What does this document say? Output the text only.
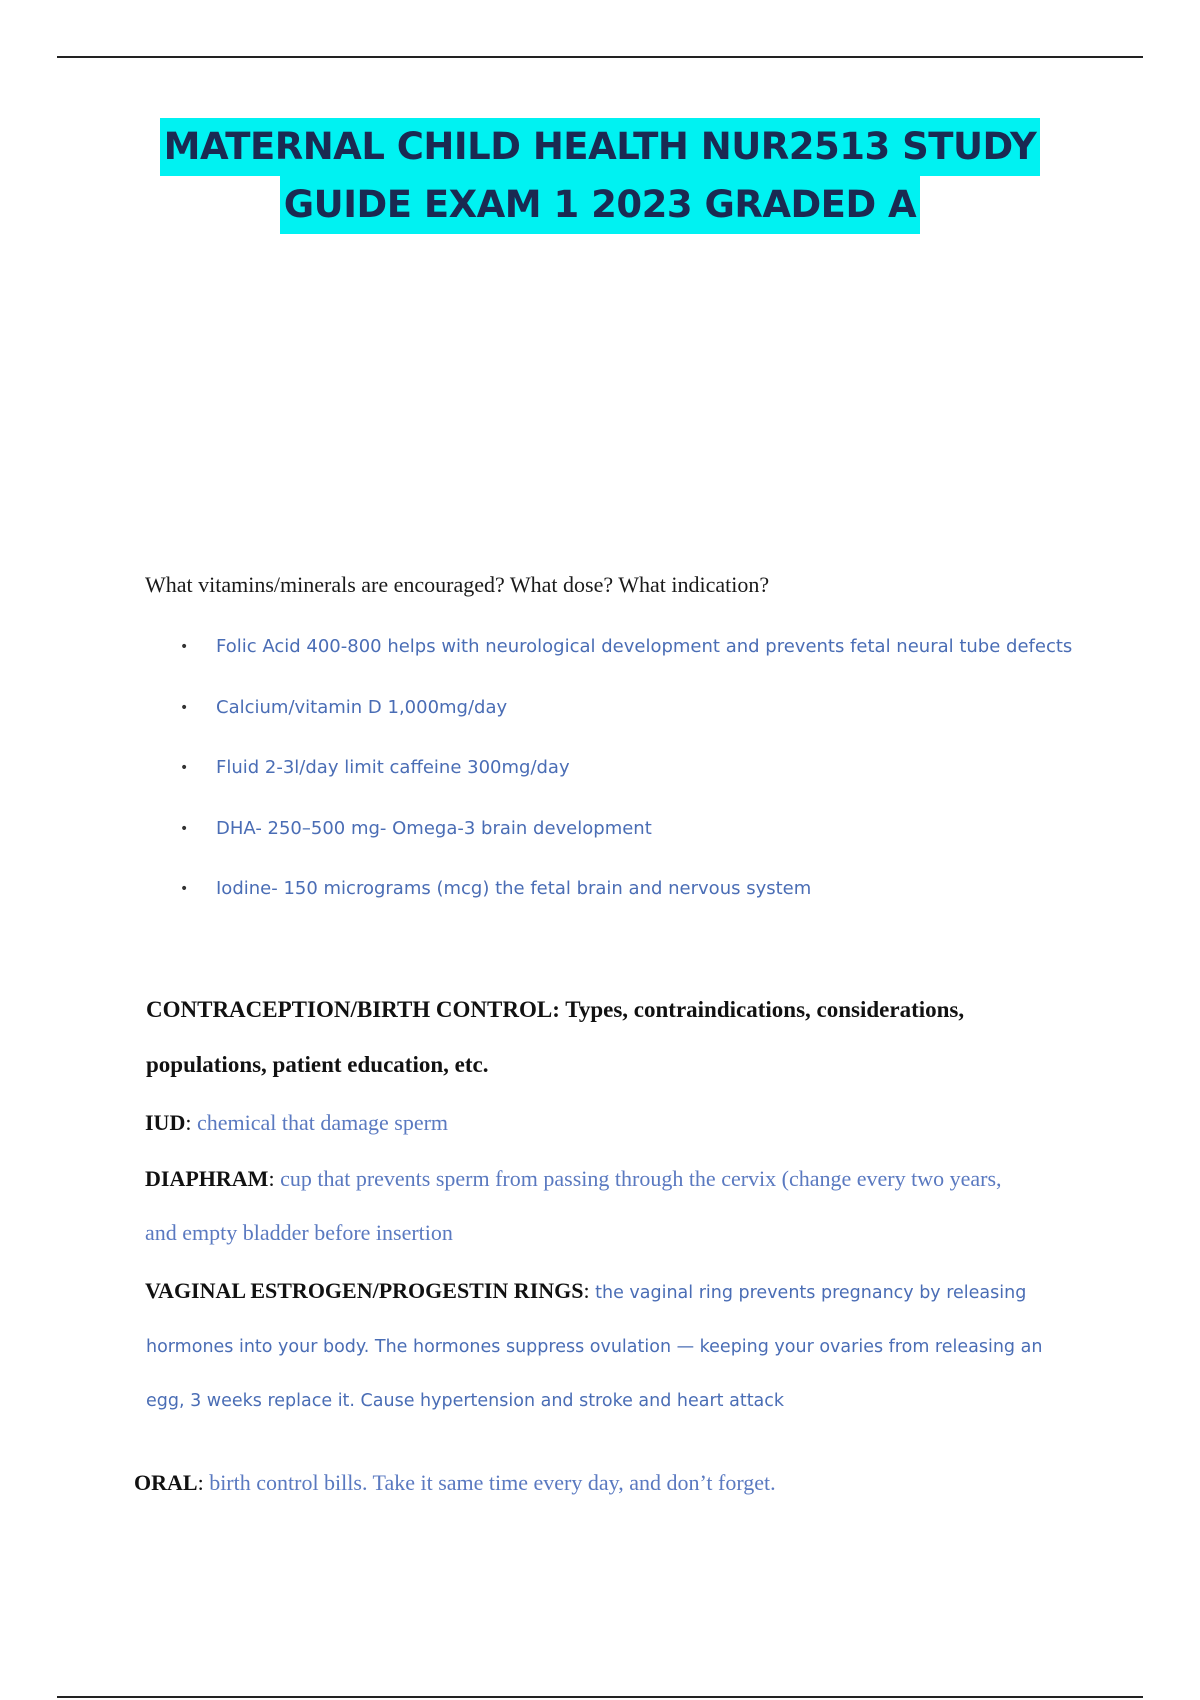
MATERNAL CHILD HEALTH NUR2513 STUDY
GUIDE EXAM 1 2023 GRADED A
What vitamins/minerals are encouraged? What dose? What indication?
• Folic Acid 400-800 helps with neurological development and prevents fetal neural tube defects
• Calcium/vitamin D 1,000mg/day
• Fluid 2-3l/day limit caffeine 300mg/day
• DHA- 250–500 mg- Omega-3 brain development
• Iodine- 150 micrograms (mcg) the fetal brain and nervous system
CONTRACEPTION/BIRTH CONTROL: Types, contraindications, considerations,
populations, patient education, etc.
IUD: chemical that damage sperm
DIAPHRAM: cup that prevents sperm from passing through the cervix (change every two years,
and empty bladder before insertion
VAGINAL ESTROGEN/PROGESTIN RINGS: the vaginal ring prevents pregnancy by releasing
hormones into your body. The hormones suppress ovulation — keeping your ovaries from releasing an
egg, 3 weeks replace it. Cause hypertension and stroke and heart attack
ORAL: birth control bills. Take it same time every day, and don’t forget.
